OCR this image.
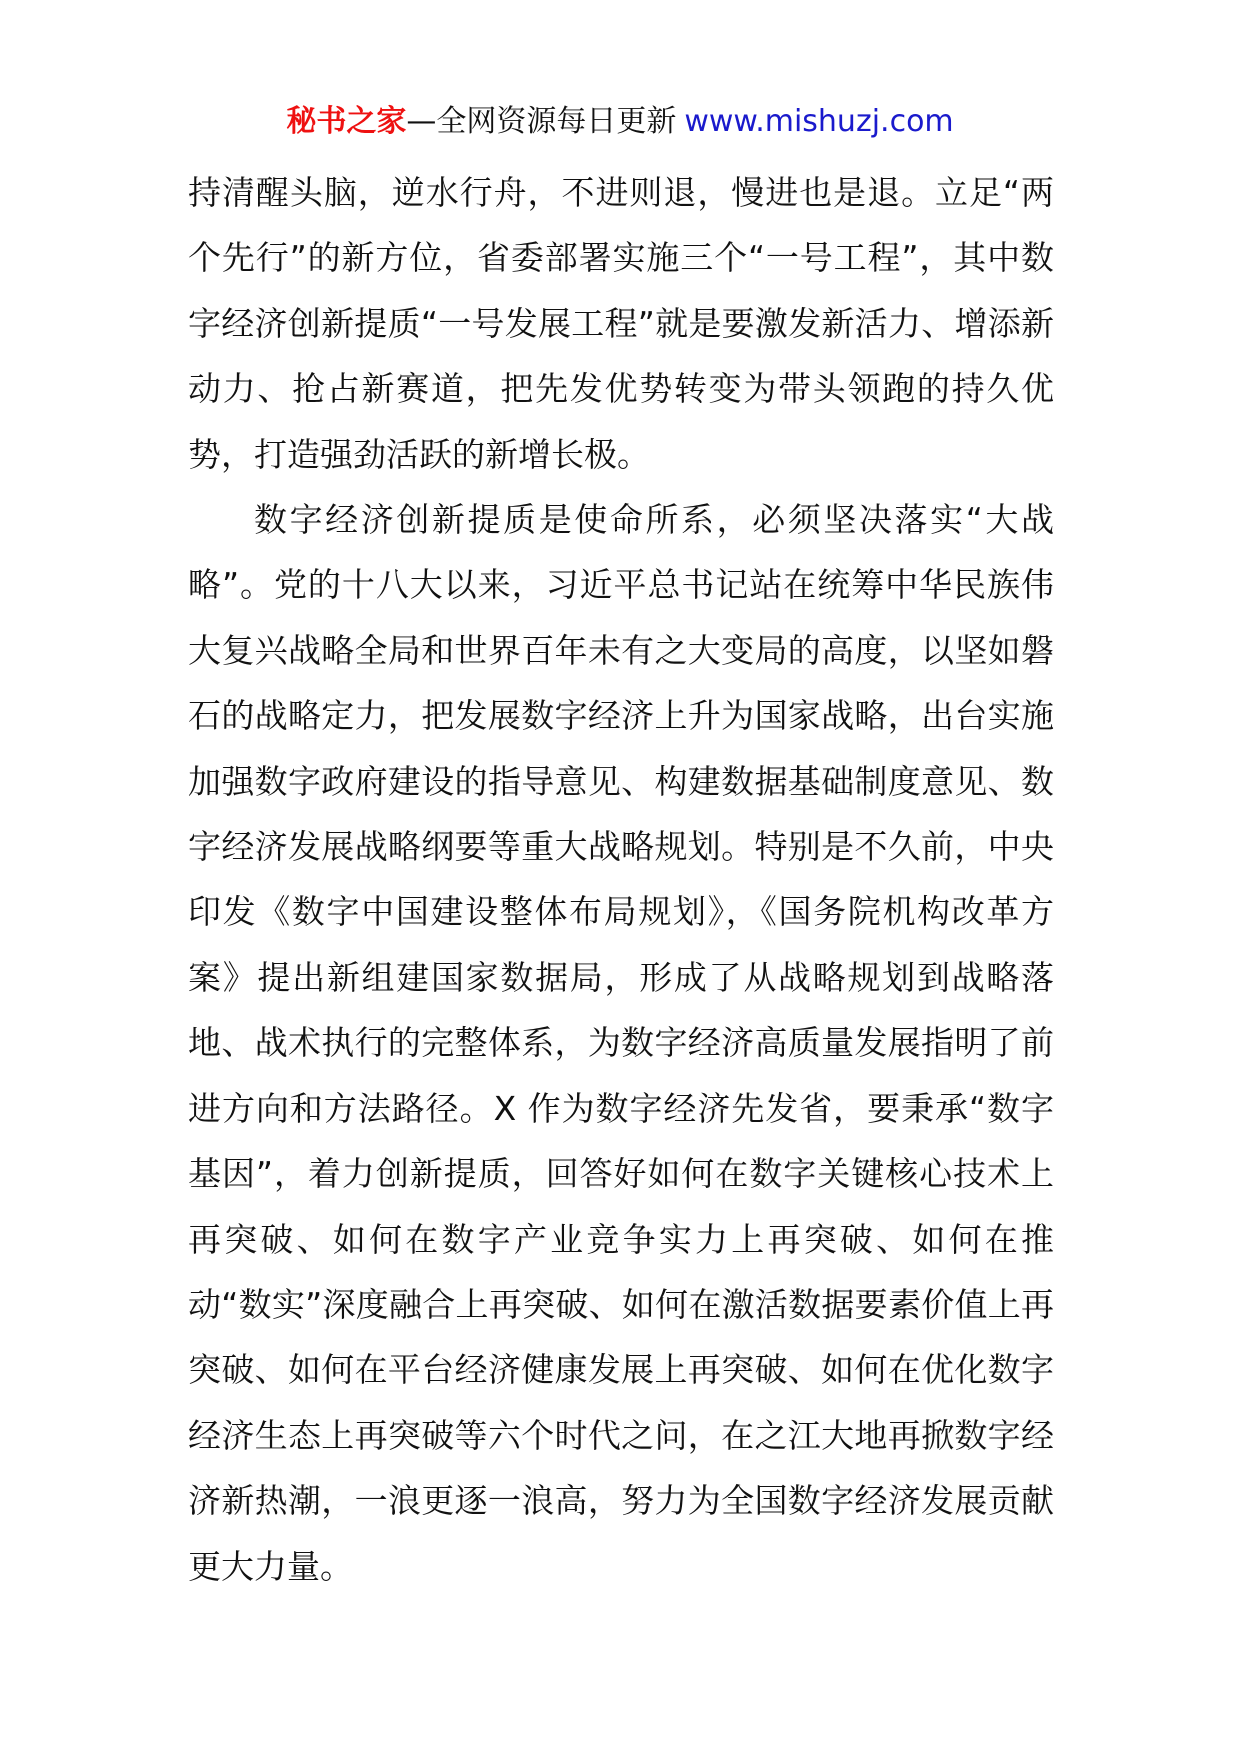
秘书之家—全网资源每日更新 www.mishuzj.com

持清醒头脑，逆水行舟，不进则退，慢进也是退。立足“两个先行”的新方位，省委部署实施三个“一号工程”，其中数字经济创新提质“一号发展工程”就是要激发新活力、增添新动力、抢占新赛道，把先发优势转变为带头领跑的持久优势，打造强劲活跃的新增长极。

数字经济创新提质是使命所系，必须坚决落实“大战略”。党的十八大以来，习近平总书记站在统筹中华民族伟大复兴战略全局和世界百年未有之大变局的高度，以坚如磐石的战略定力，把发展数字经济上升为国家战略，出台实施加强数字政府建设的指导意见、构建数据基础制度意见、数字经济发展战略纲要等重大战略规划。特别是不久前，中央印发《数字中国建设整体布局规划》，《国务院机构改革方案》提出新组建国家数据局，形成了从战略规划到战略落地、战术执行的完整体系，为数字经济高质量发展指明了前进方向和方法路径。X 作为数字经济先发省，要秉承“数字基因”，着力创新提质，回答好如何在数字关键核心技术上再突破、如何在数字产业竞争实力上再突破、如何在推动“数实”深度融合上再突破、如何在激活数据要素价值上再突破、如何在平台经济健康发展上再突破、如何在优化数字经济生态上再突破等六个时代之问，在之江大地再掀数字经济新热潮，一浪更逐一浪高，努力为全国数字经济发展贡献更大力量。
